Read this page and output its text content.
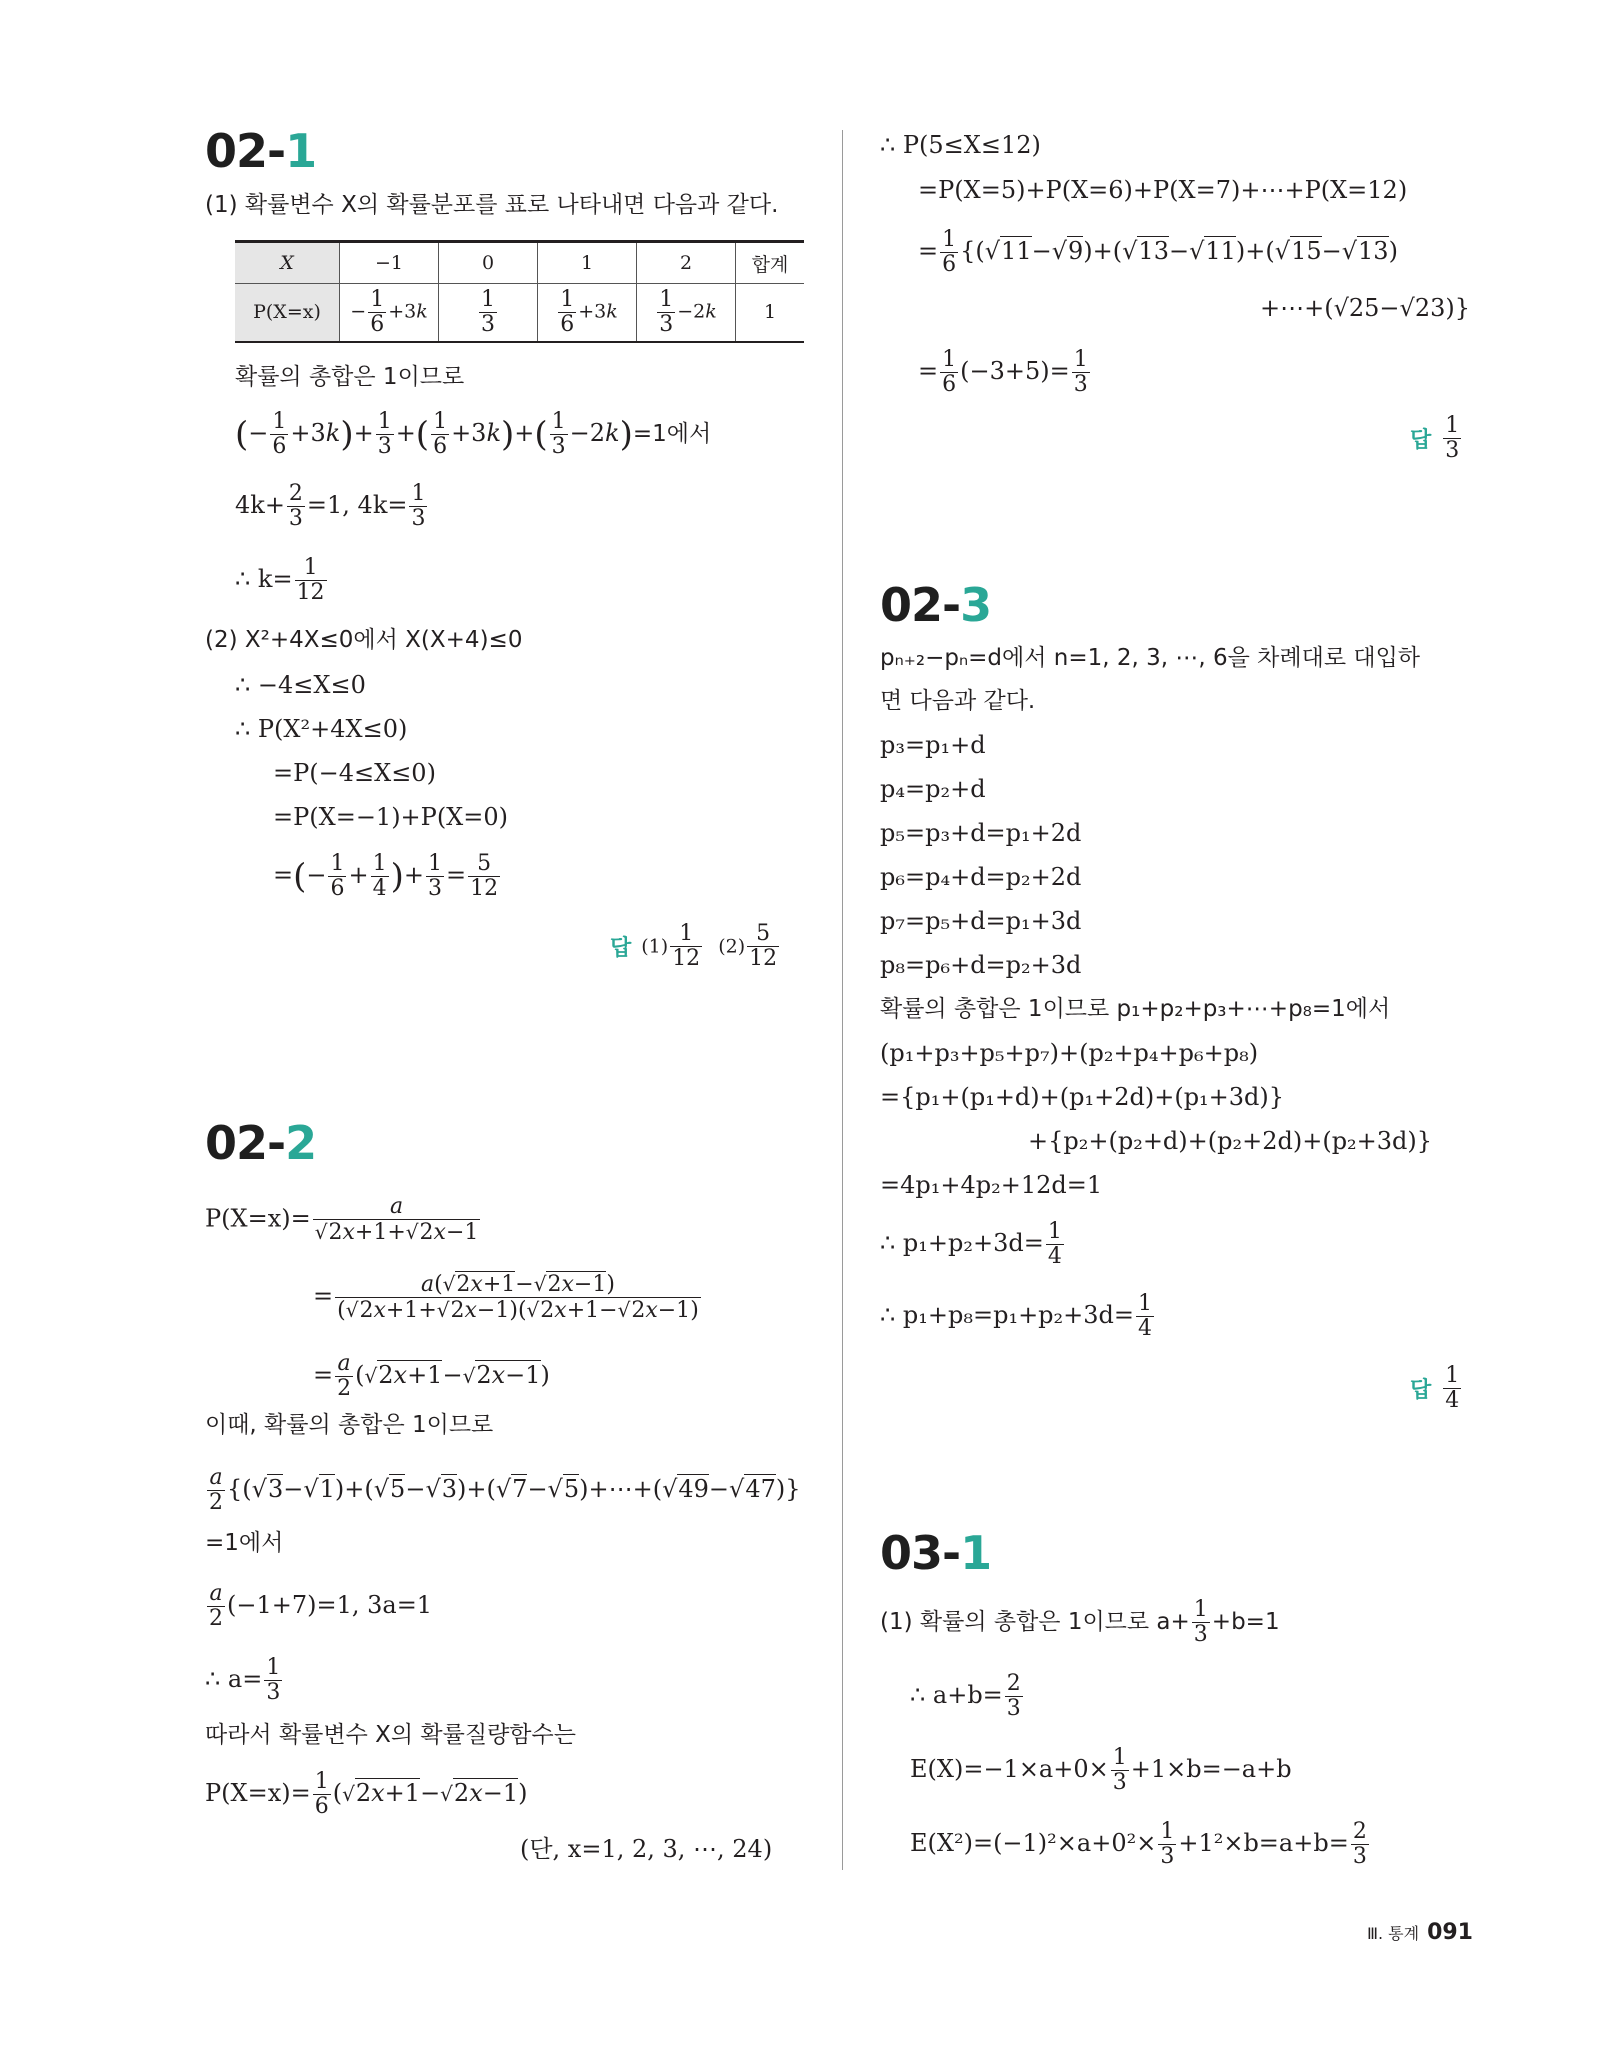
02-1
(1) 확률변수 X의 확률분포를 표로 나타내면 다음과 같다.
X	−1	0	1	2	합계
P(X=x)	− $\frac{1}{6} +3k$	$\frac{1}{3}$	$\frac{1}{6} +3k$	$\frac{1}{3} -2k$	1
확률의 총합은 1이므로
(− $\frac{1}{6} +3k)+ \frac{1}{3}$ +( $\frac{1}{6} +3k)+( \frac{1}{3} -2k)=1$에서
$4k+ \frac{2}{3} =1$, $4k= \frac{1}{3}$
∴ $k= \frac{1}{12}$
(2) X²+4X≤0에서 X(X+4)≤0
∴ −4≤X≤0
∴ P(X²+4X≤0)
=P(−4≤X≤0)
=P(X=−1)+P(X=0)
=(− $\frac{1}{6} + \frac{1}{4}$ )+ $\frac{1}{3} = \frac{5}{12}$
답 $(1) \frac{1}{12} (2) \frac{5}{12}$
02-2
$P(X=x)= \frac{a}{√2x+1+√2x-1}$
= $\frac{a(√2x+1-√2x-1)}{(√2x+1+√2x-1)(√2x+1-√2x-1)}$
= $\frac{a}{2} (√2x+1-√2x-1)$
이때, 확률의 총합은 1이므로
$\frac{a}{2}$ {(√3−√1)+(√5−√3)+(√7−√5)+⋯+(√49−√47)}
=1에서
$\frac{a}{2} (-1+7)=1$, 3a=1
∴ $a= \frac{1}{3}$
따라서 확률변수 X의 확률질량함수는
$P(X=x)= \frac{1}{6} (√2x+1-√2x-1)$
(단, x=1, 2, 3, ⋯, 24)
∴ P(5≤X≤12)
=P(X=5)+P(X=6)+P(X=7)+⋯+P(X=12)
= $\frac{1}{6} \{(√11-√9)+(√13-√11)+(√15-√13)$
+⋯+(√25−√23)}
= $\frac{1}{6} (-3+5)= \frac{1}{3}$
답 $\frac{1}{3}$
02-3
pₙ₊₂−pₙ=d에서 n=1, 2, 3, ⋯, 6을 차례대로 대입하
면 다음과 같다.
p₃=p₁+d
p₄=p₂+d
p₅=p₃+d=p₁+2d
p₆=p₄+d=p₂+2d
p₇=p₅+d=p₁+3d
p₈=p₆+d=p₂+3d
확률의 총합은 1이므로 p₁+p₂+p₃+⋯+p₈=1에서
(p₁+p₃+p₅+p₇)+(p₂+p₄+p₆+p₈)
={p₁+(p₁+d)+(p₁+2d)+(p₁+3d)}
+{p₂+(p₂+d)+(p₂+2d)+(p₂+3d)}
=4p₁+4p₂+12d=1
∴ $p_1+p_2+3d= \frac{1}{4}$
∴ $p_1+p_8=p_1+p_2+3d= \frac{1}{4}$
답 $\frac{1}{4}$
03-1
(1) 확률의 총합은 1이므로 $a+ \frac{1}{3} +b=1$
∴ $a+b= \frac{2}{3}$
$E(X)=-1\times a+0\times \frac{1}{3} +1\times b=-a+b$
$E(X^2)=(-1)^2\times a+0^2\times \frac{1}{3} +1^2\times b=a+b= \frac{2}{3}$
Ⅲ. 통계 091
